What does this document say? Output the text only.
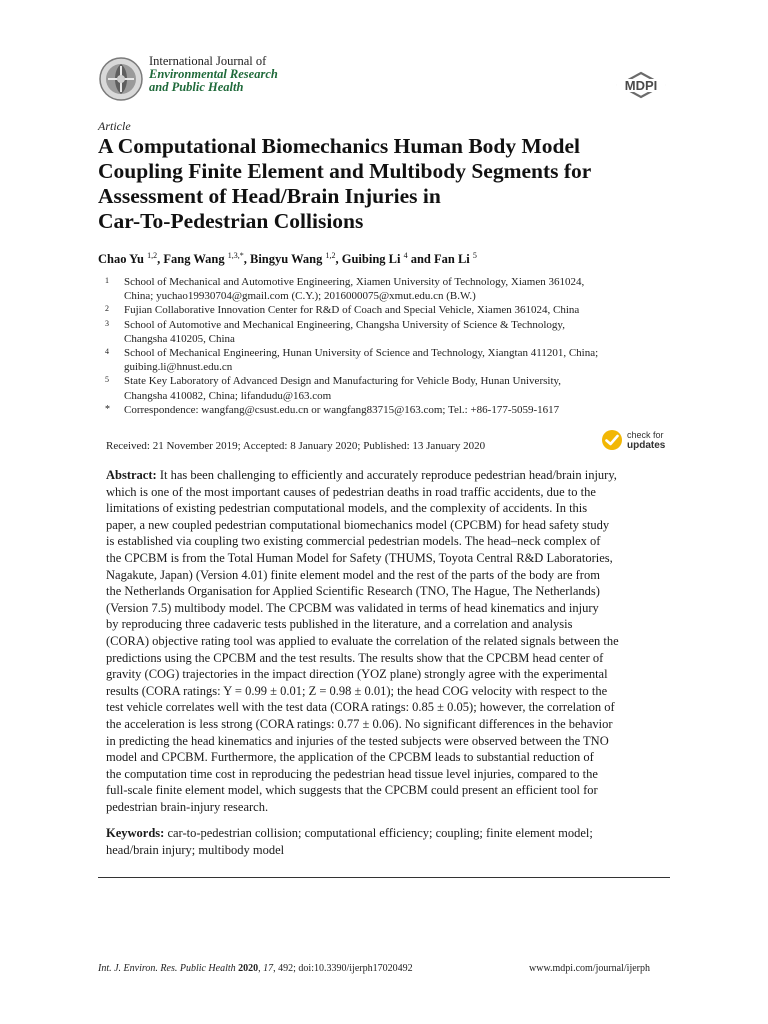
International Journal of
Environmental Research
and Public Health	MDPI
Article
A Computational Biomechanics Human Body Model
Coupling Finite Element and Multibody Segments for
Assessment of Head/Brain Injuries in
Car-To-Pedestrian Collisions
Chao Yu $^{1,2}$, Fang Wang $^{1,3,*}$, Bingyu Wang $^{1,2}$, Guibing Li $^4$ and Fan Li $^5$
1 School of Mechanical and Automotive Engineering, Xiamen University of Technology, Xiamen 361024,
China; yuchao19930704@gmail.com (C.Y.); 2016000075@xmut.edu.cn (B.W.)
2 Fujian Collaborative Innovation Center for R&D of Coach and Special Vehicle, Xiamen 361024, China
3 School of Automotive and Mechanical Engineering, Changsha University of Science & Technology,
Changsha 410205, China
4 School of Mechanical Engineering, Hunan University of Science and Technology, Xiangtan 411201, China;
guibing.li@hnust.edu.cn
5 State Key Laboratory of Advanced Design and Manufacturing for Vehicle Body, Hunan University,
Changsha 410082, China; lifandudu@163.com
* Correspondence: wangfang@csust.edu.cn or wangfang83715@163.com; Tel.: +86-177-5059-1617
Received: 21 November 2019; Accepted: 8 January 2020; Published: 13 January 2020
check for
updates
Abstract: It has been challenging to efficiently and accurately reproduce pedestrian head/brain injury,
which is one of the most important causes of pedestrian deaths in road traffic accidents, due to the
limitations of existing pedestrian computational models, and the complexity of accidents. In this
paper, a new coupled pedestrian computational biomechanics model (CPCBM) for head safety study
is established via coupling two existing commercial pedestrian models. The head–neck complex of
the CPCBM is from the Total Human Model for Safety (THUMS, Toyota Central R&D Laboratories,
Nagakute, Japan) (Version 4.01) finite element model and the rest of the parts of the body are from
the Netherlands Organisation for Applied Scientific Research (TNO, The Hague, The Netherlands)
(Version 7.5) multibody model. The CPCBM was validated in terms of head kinematics and injury
by reproducing three cadaveric tests published in the literature, and a correlation and analysis
(CORA) objective rating tool was applied to evaluate the correlation of the related signals between the
predictions using the CPCBM and the test results. The results show that the CPCBM head center of
gravity (COG) trajectories in the impact direction (YOZ plane) strongly agree with the experimental
results (CORA ratings: Y = 0.99 ± 0.01; Z = 0.98 ± 0.01); the head COG velocity with respect to the
test vehicle correlates well with the test data (CORA ratings: 0.85 ± 0.05); however, the correlation of
the acceleration is less strong (CORA ratings: 0.77 ± 0.06). No significant differences in the behavior
in predicting the head kinematics and injuries of the tested subjects were observed between the TNO
model and CPCBM. Furthermore, the application of the CPCBM leads to substantial reduction of
the computation time cost in reproducing the pedestrian head tissue level injuries, compared to the
full-scale finite element model, which suggests that the CPCBM could present an efficient tool for
pedestrian brain-injury research.
Keywords: car-to-pedestrian collision; computational efficiency; coupling; finite element model;
head/brain injury; multibody model
Int. J. Environ. Res. Public Health 2020, 17, 492; doi:10.3390/ijerph17020492	www.mdpi.com/journal/ijerph
